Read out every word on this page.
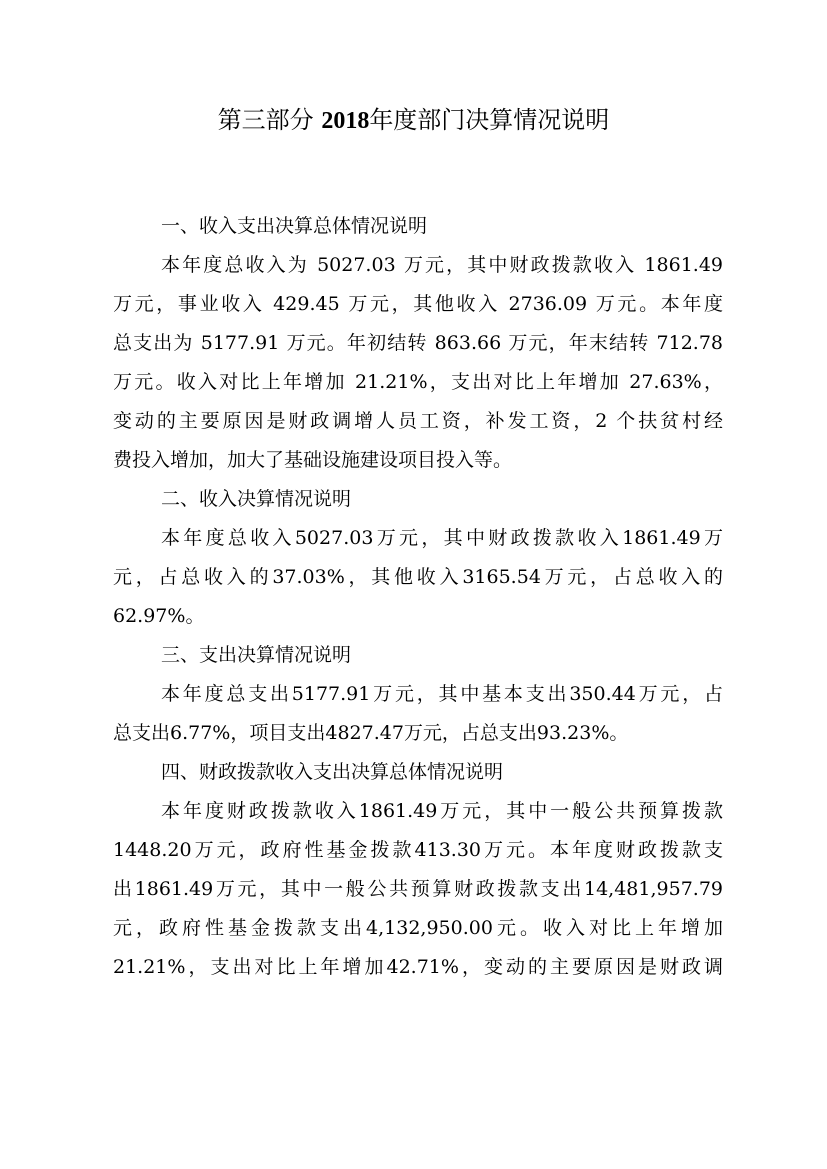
第三部分 2018年度部门决算情况说明
一、收入支出决算总体情况说明

本年度总收入为 5027.03 万元，其中财政拨款收入 1861.49
万元，事业收入 429.45 万元，其他收入 2736.09 万元。本年度
总支出为 5177.91 万元。年初结转 863.66 万元，年末结转 712.78
万元。收入对比上年增加 21.21%，支出对比上年增加 27.63%，
变动的主要原因是财政调增人员工资，补发工资，2 个扶贫村经
费投入增加，加大了基础设施建设项目投入等。

二、收入决算情况说明

本年度总收入5027.03万元，其中财政拨款收入1861.49万
元，占总收入的37.03%，其他收入3165.54万元，占总收入的
62.97%。

三、支出决算情况说明

本年度总支出5177.91万元，其中基本支出350.44万元，占
总支出6.77%，项目支出4827.47万元，占总支出93.23%。

四、财政拨款收入支出决算总体情况说明

本年度财政拨款收入1861.49万元，其中一般公共预算拨款
1448.20万元，政府性基金拨款413.30万元。本年度财政拨款支
出1861.49万元，其中一般公共预算财政拨款支出14,481,957.79
元，政府性基金拨款支出4,132,950.00元。收入对比上年增加
21.21%，支出对比上年增加42.71%，变动的主要原因是财政调
